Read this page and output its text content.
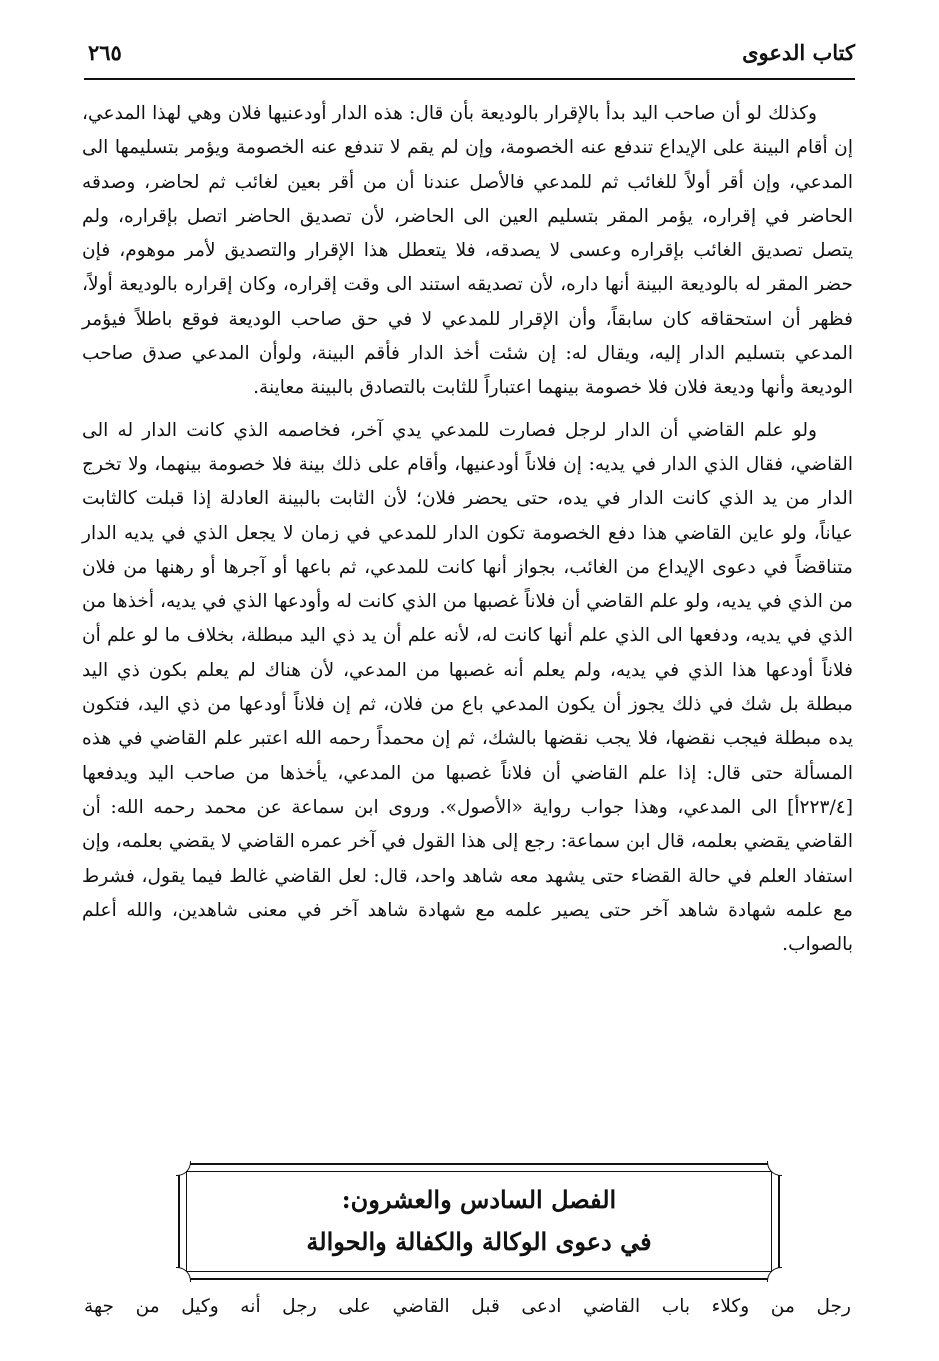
كتاب الدعوى
٢٦٥

وكذلك لو أن صاحب اليد بدأ بالإقرار بالوديعة بأن قال: هذه الدار أودعنيها فلان وهي لهذا المدعي، إن أقام البينة على الإيداع تندفع عنه الخصومة، وإن لم يقم لا تندفع عنه الخصومة ويؤمر بتسليمها الى المدعي، وإن أقر أولاً للغائب ثم للمدعي فالأصل عندنا أن من أقر بعين لغائب ثم لحاضر، وصدقه الحاضر في إقراره، يؤمر المقر بتسليم العين الى الحاضر، لأن تصديق الحاضر اتصل بإقراره، ولم يتصل تصديق الغائب بإقراره وعسى لا يصدقه، فلا يتعطل هذا الإقرار والتصديق لأمر موهوم، فإن حضر المقر له بالوديعة البينة أنها داره، لأن تصديقه استند الى وقت إقراره، وكان إقراره بالوديعة أولاً، فظهر أن استحقاقه كان سابقاً، وأن الإقرار للمدعي لا في حق صاحب الوديعة فوقع باطلاً فيؤمر المدعي بتسليم الدار إليه، ويقال له: إن شئت أخذ الدار فأقم البينة، ولوأن المدعي صدق صاحب الوديعة وأنها وديعة فلان فلا خصومة بينهما اعتباراً للثابت بالتصادق بالبينة معاينة.

ولو علم القاضي أن الدار لرجل فصارت للمدعي يدي آخر، فخاصمه الذي كانت الدار له الى القاضي، فقال الذي الدار في يديه: إن فلاناً أودعنيها، وأقام على ذلك بينة فلا خصومة بينهما، ولا تخرج الدار من يد الذي كانت الدار في يده، حتى يحضر فلان؛ لأن الثابت بالبينة العادلة إذا قبلت كالثابت عياناً، ولو عاين القاضي هذا دفع الخصومة تكون الدار للمدعي في زمان لا يجعل الذي في يديه الدار متناقضاً في دعوى الإيداع من الغائب، بجواز أنها كانت للمدعي، ثم باعها أو آجرها أو رهنها من فلان من الذي في يديه، ولو علم القاضي أن فلاناً غصبها من الذي كانت له وأودعها الذي في يديه، أخذها من الذي في يديه، ودفعها الى الذي علم أنها كانت له، لأنه علم أن يد ذي اليد مبطلة، بخلاف ما لو علم أن فلاناً أودعها هذا الذي في يديه، ولم يعلم أنه غصبها من المدعي، لأن هناك لم يعلم بكون ذي اليد مبطلة بل شك في ذلك يجوز أن يكون المدعي باع من فلان، ثم إن فلاناً أودعها من ذي اليد، فتكون يده مبطلة فيجب نقضها، فلا يجب نقضها بالشك، ثم إن محمداً رحمه الله اعتبر علم القاضي في هذه المسألة حتى قال: إذا علم القاضي أن فلاناً غصبها من المدعي، يأخذها من صاحب اليد ويدفعها [٢٢٣/٤أ] الى المدعي، وهذا جواب رواية «الأصول». وروى ابن سماعة عن محمد رحمه الله: أن القاضي يقضي بعلمه، قال ابن سماعة: رجع إلى هذا القول في آخر عمره القاضي لا يقضي بعلمه، وإن استفاد العلم في حالة القضاء حتى يشهد معه شاهد واحد، قال: لعل القاضي غالط فيما يقول، فشرط مع علمه شهادة شاهد آخر حتى يصير علمه مع شهادة شاهد آخر في معنى شاهدين، والله أعلم بالصواب.

الفصل السادس والعشرون:
في دعوى الوكالة والكفالة والحوالة
رجل من وكلاء باب القاضي ادعى قبل القاضي على رجل أنه وكيل من جهة
